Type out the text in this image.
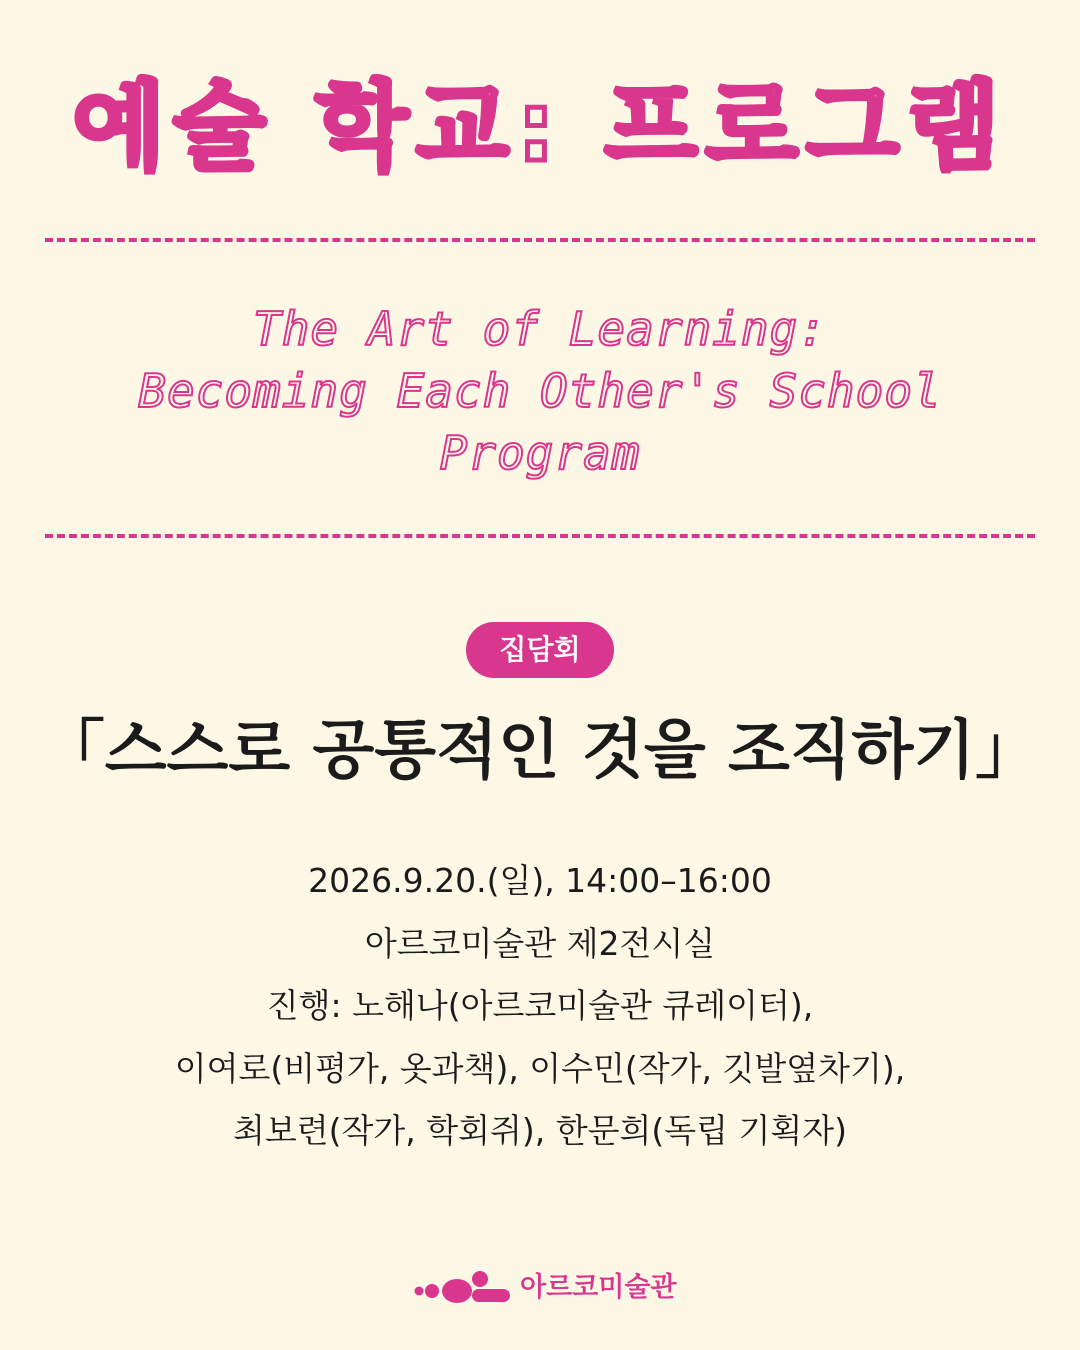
예술 학교: 프로그램
The Art of Learning:
Becoming Each Other's School
Program
집담회
「스스로 공통적인 것을 조직하기」
2026.9.20.(일), 14:00–16:00
아르코미술관 제2전시실
진행: 노해나(아르코미술관 큐레이터),
이여로(비평가, 옷과책), 이수민(작가, 깃발옆차기),
최보련(작가, 학회쥐), 한문희(독립 기획자)
아르코미술관
